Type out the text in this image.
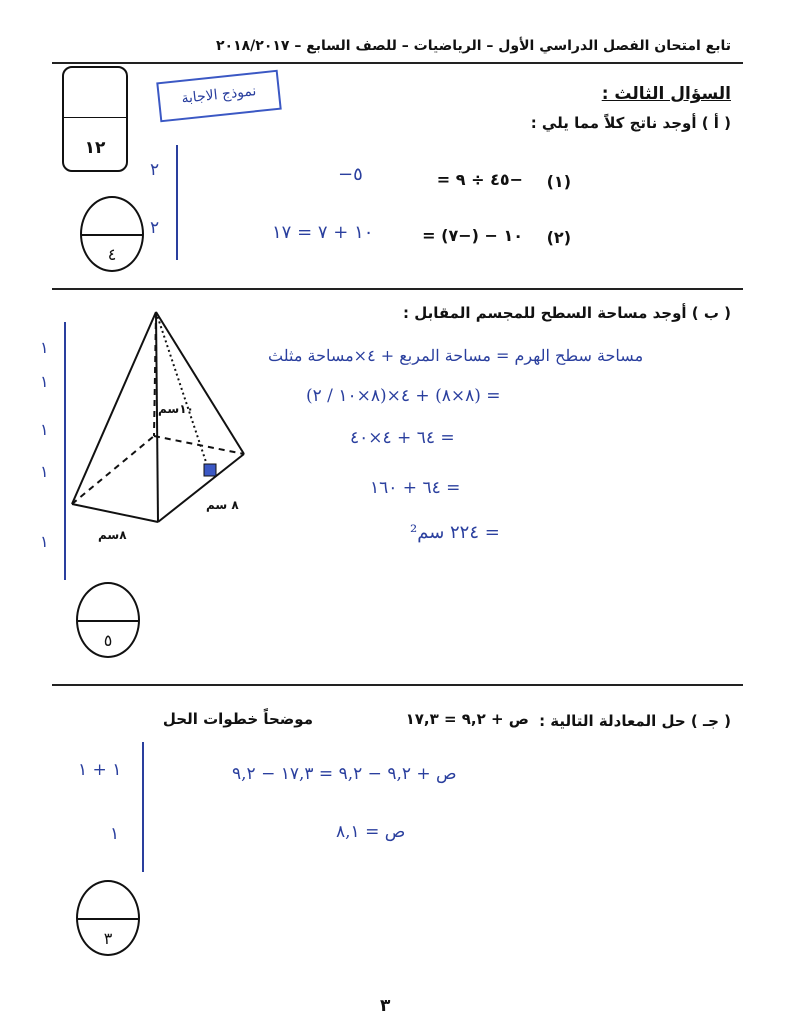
تابع امتحان الفصل الدراسي الأول – الرياضيات – للصف السابع – ٢٠١٨/٢٠١٧
١٢
نموذج الاجابة	السؤال الثالث :
( أ ) أوجد ناتج كلاً مما يلي :
٢
٢
٤
(١)
−٤٥ ÷ ٩ =
−٥
(٢)
١٠ − (−٧) =
١٠ + ٧ = ١٧
( ب ) أوجد مساحة السطح للمجسم المقابل :
١
١
١
١
١
١٠سم
٨ سم
٨سم
مساحة سطح الهرم = مساحة المربع + ٤×مساحة مثلث
= (٨×٨) + ٤×(٨×١٠ / ٢)
= ٦٤ + ٤×٤٠
= ٦٤ + ١٦٠
= ٢٢٤ سم²
٥
( جـ ) حل المعادلة التالية :
ص + ٩,٢ = ١٧,٣
موضحاً خطوات الحل
١ + ١
١
ص + ٩,٢ − ٩,٢ = ١٧,٣ − ٩,٢
ص = ٨,١
٣
٣
